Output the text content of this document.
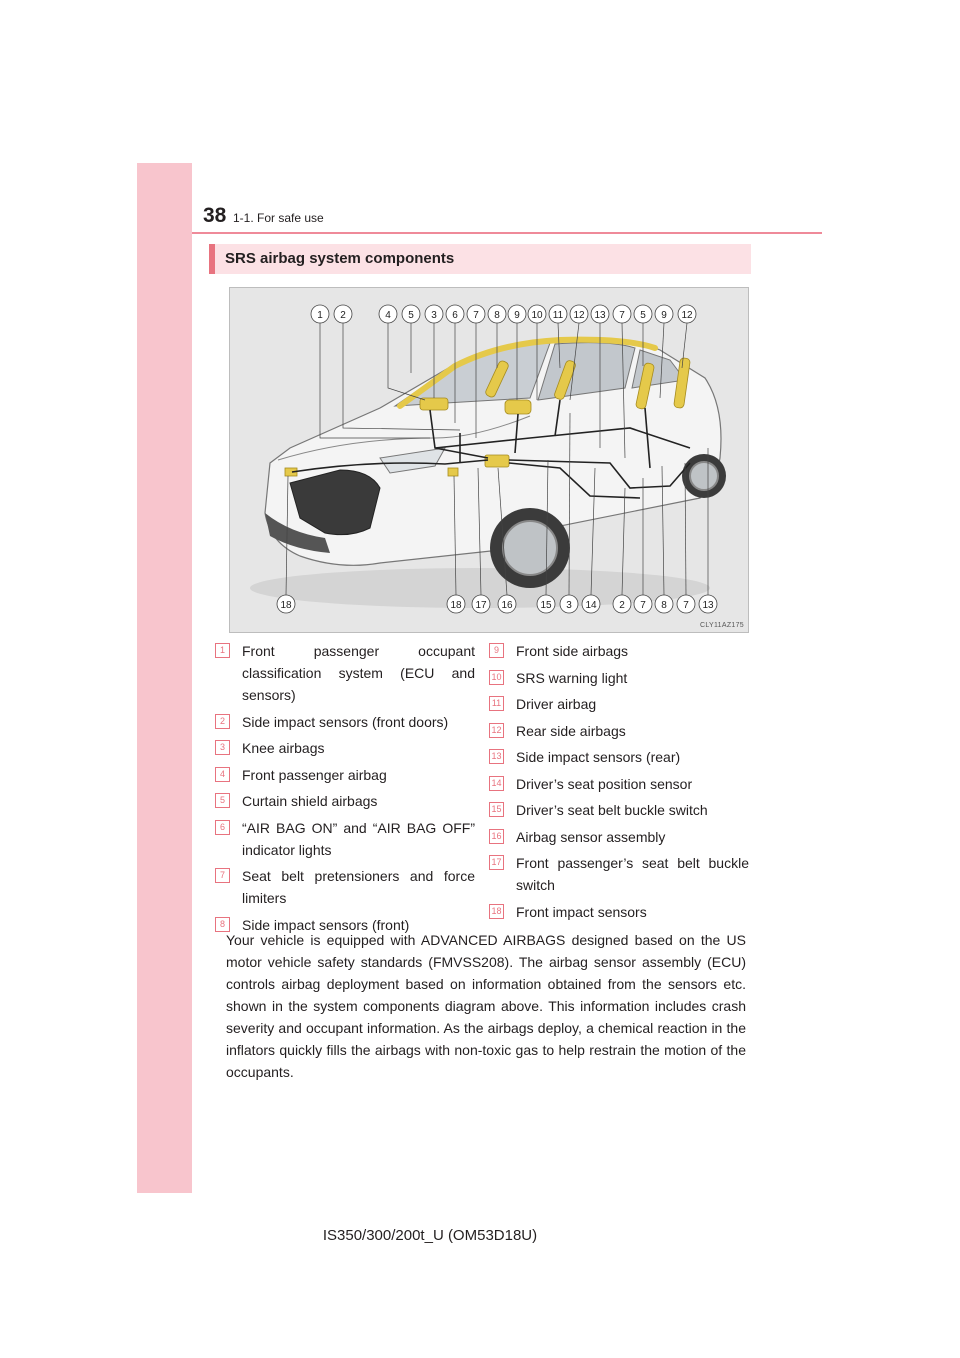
38 1-1. For safe use
SRS airbag system components
1 2	4 5 3 6 7 8 9 10 11 12 13 7 5 9 12
18	18 17 16	15 3 14 2 7 8 7 13
CLY11AZ175
1	Front passenger occupant classification system (ECU and sensors)
2	Side impact sensors (front doors)
3	Knee airbags
4	Front passenger airbag
5	Curtain shield airbags
6	“AIR BAG ON” and “AIR BAG OFF” indicator lights
7	Seat belt pretensioners and force limiters
8	Side impact sensors (front)
9	Front side airbags
10 SRS warning light
11 Driver airbag
12 Rear side airbags
13 Side impact sensors (rear)
14 Driver’s seat position sensor
15 Driver’s seat belt buckle switch
16 Airbag sensor assembly
17 Front passenger’s seat belt buckle switch
18 Front impact sensors
Your vehicle is equipped with ADVANCED AIRBAGS designed based on the US motor vehicle safety standards (FMVSS208). The airbag sensor assembly (ECU) controls airbag deployment based on information obtained from the sensors etc. shown in the system components diagram above. This information includes crash severity and occupant information. As the airbags deploy, a chemical reaction in the inflators quickly fills the airbags with non-toxic gas to help restrain the motion of the occupants.
IS350/300/200t_U (OM53D18U)
